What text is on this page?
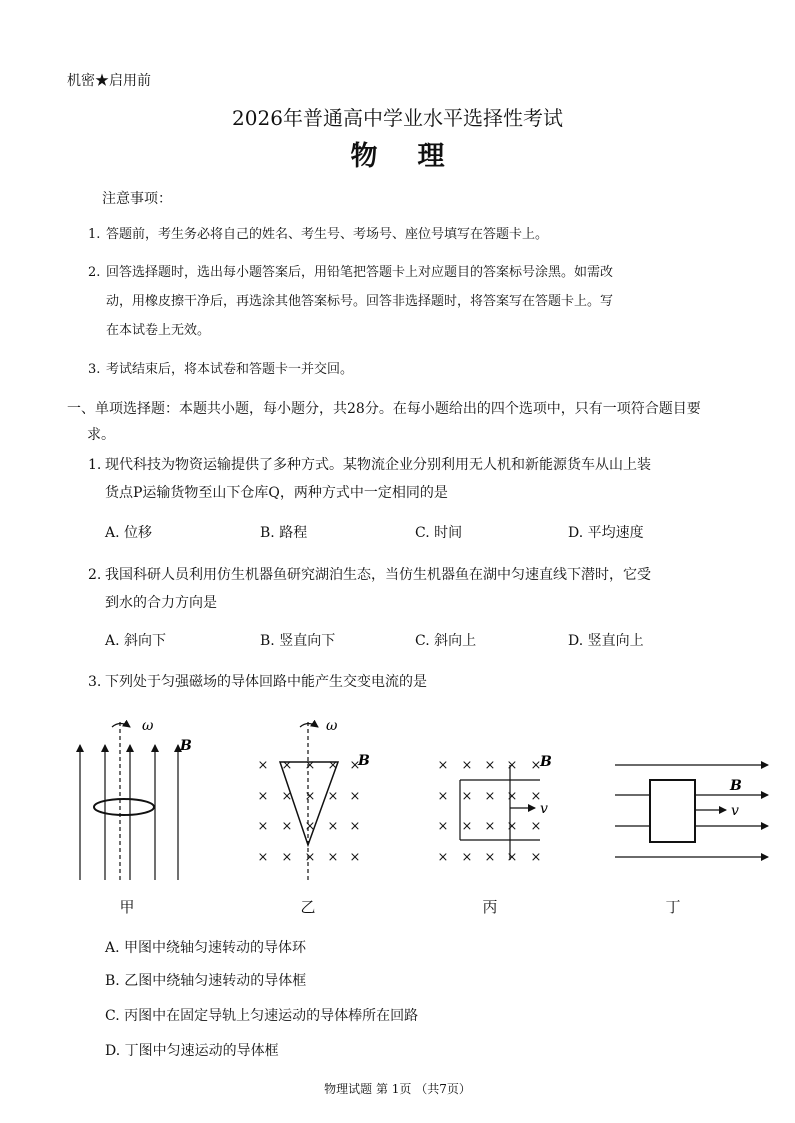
机密★启用前
2026年普通高中学业水平选择性考试
物理
注意事项：
1. 答题前，考生务必将自己的姓名、考生号、考场号、座位号填写在答题卡上。
2. 回答选择题时，选出每小题答案后，用铅笔把答题卡上对应题目的答案标号涂黑。如需改
动，用橡皮擦干净后，再选涂其他答案标号。回答非选择题时，将答案写在答题卡上。写
在本试卷上无效。
3. 考试结束后，将本试卷和答题卡一并交回。
一、单项选择题：本题共小题，每小题分，共28分。在每小题给出的四个选项中，只有一项符合题目要
求。
1. 现代科技为物资运输提供了多种方式。某物流企业分别利用无人机和新能源货车从山上装
货点P运输货物至山下仓库Q，两种方式中一定相同的是
A. 位移	B. 路程	C. 时间	D. 平均速度
2. 我国科研人员利用仿生机器鱼研究湖泊生态，当仿生机器鱼在湖中匀速直线下潜时，它受
到水的合力方向是
A. 斜向下	B. 竖直向下	C. 斜向上	D. 竖直向上
3. 下列处于匀强磁场的导体回路中能产生交变电流的是
ω
B
ω
B
× × × × ×
× × × × ×
× × × × ×
× × × × ×
B
v
× × × × ×
× × × × ×
× × × × ×
× × × × ×
B
v
甲	乙	丙	丁
A. 甲图中绕轴匀速转动的导体环
B. 乙图中绕轴匀速转动的导体框
C. 丙图中在固定导轨上匀速运动的导体棒所在回路
D. 丁图中匀速运动的导体框
物理试题 第 1页 （共7页）
